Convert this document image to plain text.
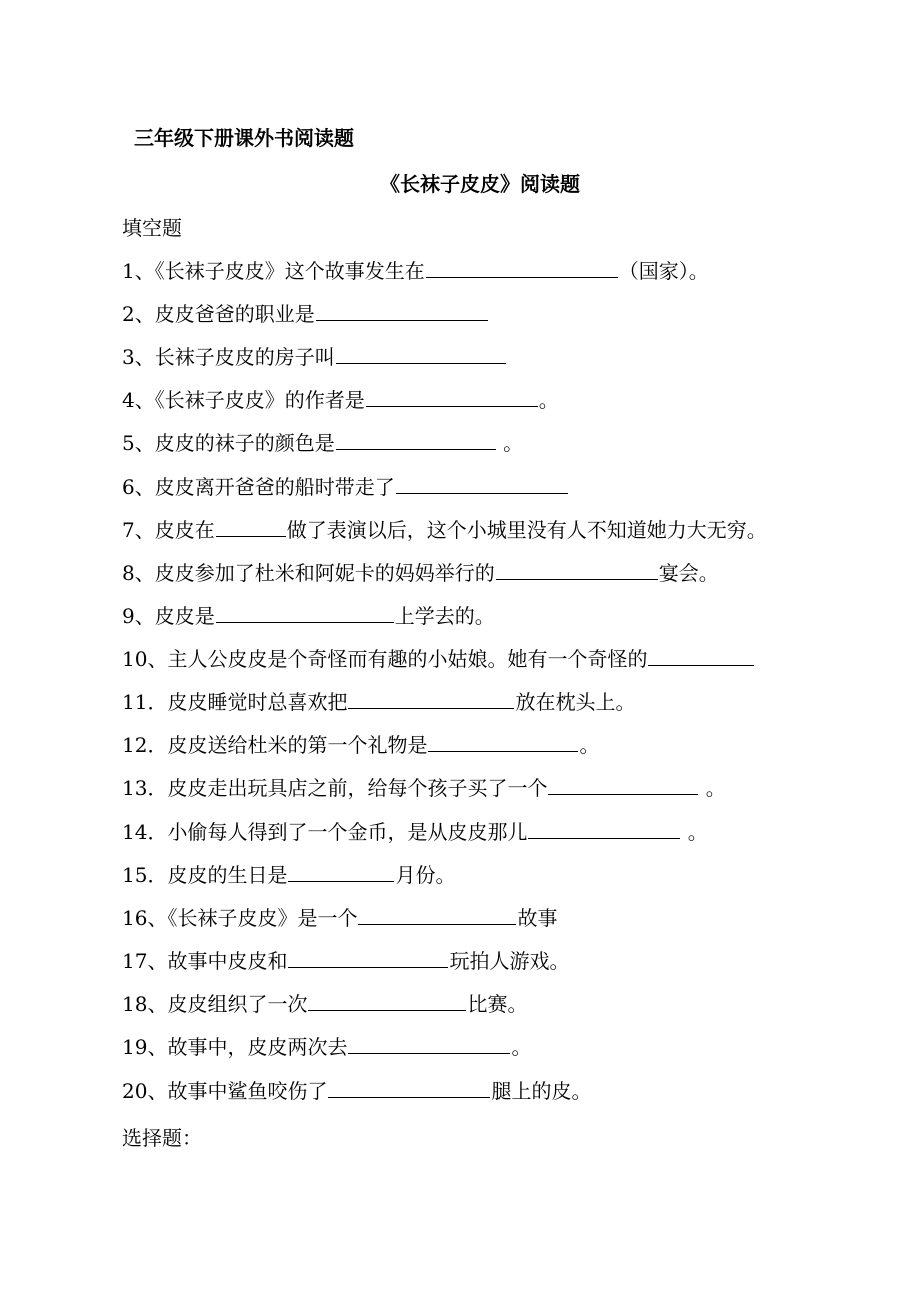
三年级下册课外书阅读题
《长袜子皮皮》阅读题

填空题

1、《长袜子皮皮》这个故事发生在	（国家）。
2、皮皮爸爸的职业是
3、长袜子皮皮的房子叫
4、《长袜子皮皮》的作者是	。
5、皮皮的袜子的颜色是	。
6、皮皮离开爸爸的船时带走了
7、皮皮在	做了表演以后，这个小城里没有人不知道她力大无穷。
8、皮皮参加了杜米和阿妮卡的妈妈举行的	宴会。
9、皮皮是	上学去的。
10、主人公皮皮是个奇怪而有趣的小姑娘。她有一个奇怪的
11．皮皮睡觉时总喜欢把	放在枕头上。
12．皮皮送给杜米的第一个礼物是	。
13．皮皮走出玩具店之前，给每个孩子买了一个	。
14．小偷每人得到了一个金币，是从皮皮那儿	。
15．皮皮的生日是	月份。
16、《长袜子皮皮》是一个	故事
17、故事中皮皮和	玩拍人游戏。
18、皮皮组织了一次	比赛。
19、故事中，皮皮两次去	。
20、故事中鲨鱼咬伤了	腿上的皮。

选择题：
